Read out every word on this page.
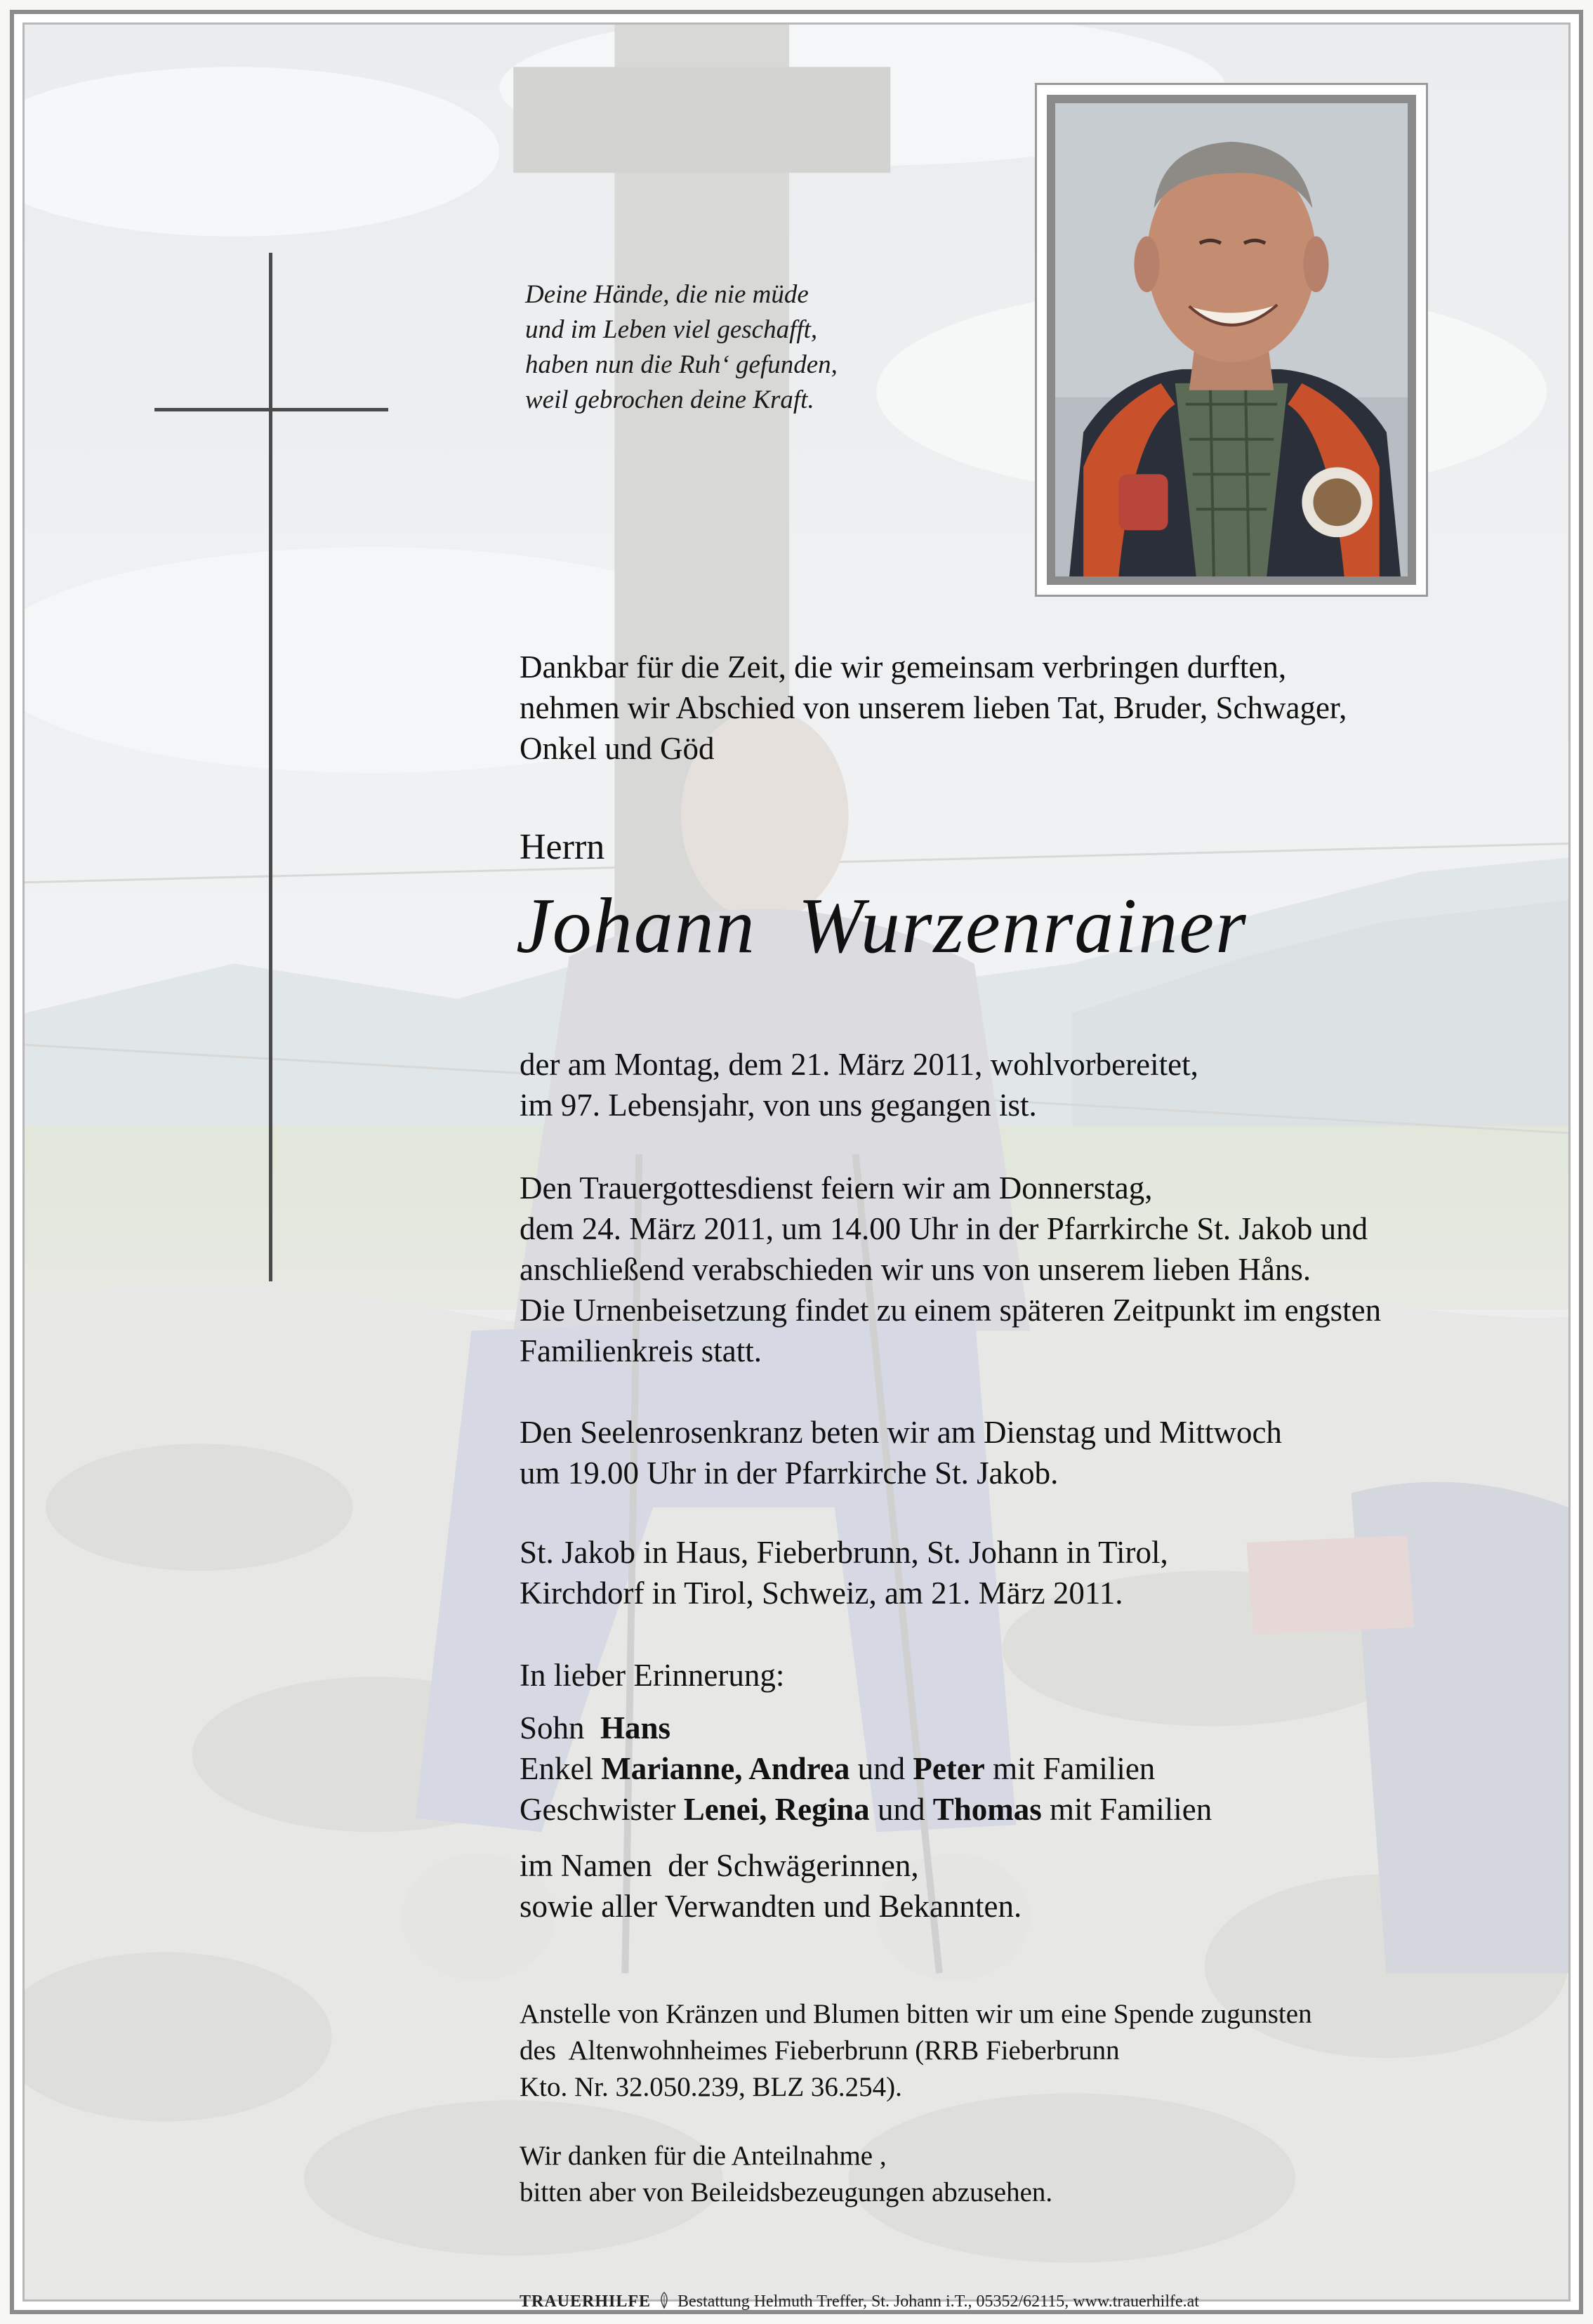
Deine Hände, die nie müde
und im Leben viel geschafft,
haben nun die Ruh‘ gefunden,
weil gebrochen deine Kraft.
Dankbar für die Zeit, die wir gemeinsam verbringen durften,
nehmen wir Abschied von unserem lieben Tat, Bruder, Schwager,
Onkel und Göd
Herrn
Johann  Wurzenrainer
der am Montag, dem 21. März 2011, wohlvorbereitet,
im 97. Lebensjahr, von uns gegangen ist.
Den Trauergottesdienst feiern wir am Donnerstag,
dem 24. März 2011, um 14.00 Uhr in der Pfarrkirche St. Jakob und
anschließend verabschieden wir uns von unserem lieben Håns.
Die Urnenbeisetzung findet zu einem späteren Zeitpunkt im engsten
Familienkreis statt.
Den Seelenrosenkranz beten wir am Dienstag und Mittwoch
um 19.00 Uhr in der Pfarrkirche St. Jakob.
St. Jakob in Haus, Fieberbrunn, St. Johann in Tirol,
Kirchdorf in Tirol, Schweiz, am 21. März 2011.
In lieber Erinnerung:
Sohn Hans
Enkel Marianne, Andrea und Peter mit Familien
Geschwister Lenei, Regina und Thomas mit Familien
im Namen  der Schwägerinnen,
sowie aller Verwandten und Bekannten.
Anstelle von Kränzen und Blumen bitten wir um eine Spende zugunsten
des  Altenwohnheimes Fieberbrunn (RRB Fieberbrunn
Kto. Nr. 32.050.239, BLZ 36.254).
Wir danken für die Anteilnahme ,
bitten aber von Beileidsbezeugungen abzusehen.
TRAUERHILFE Bestattung Helmuth Treffer, St. Johann i.T., 05352/62115, www.trauerhilfe.at
